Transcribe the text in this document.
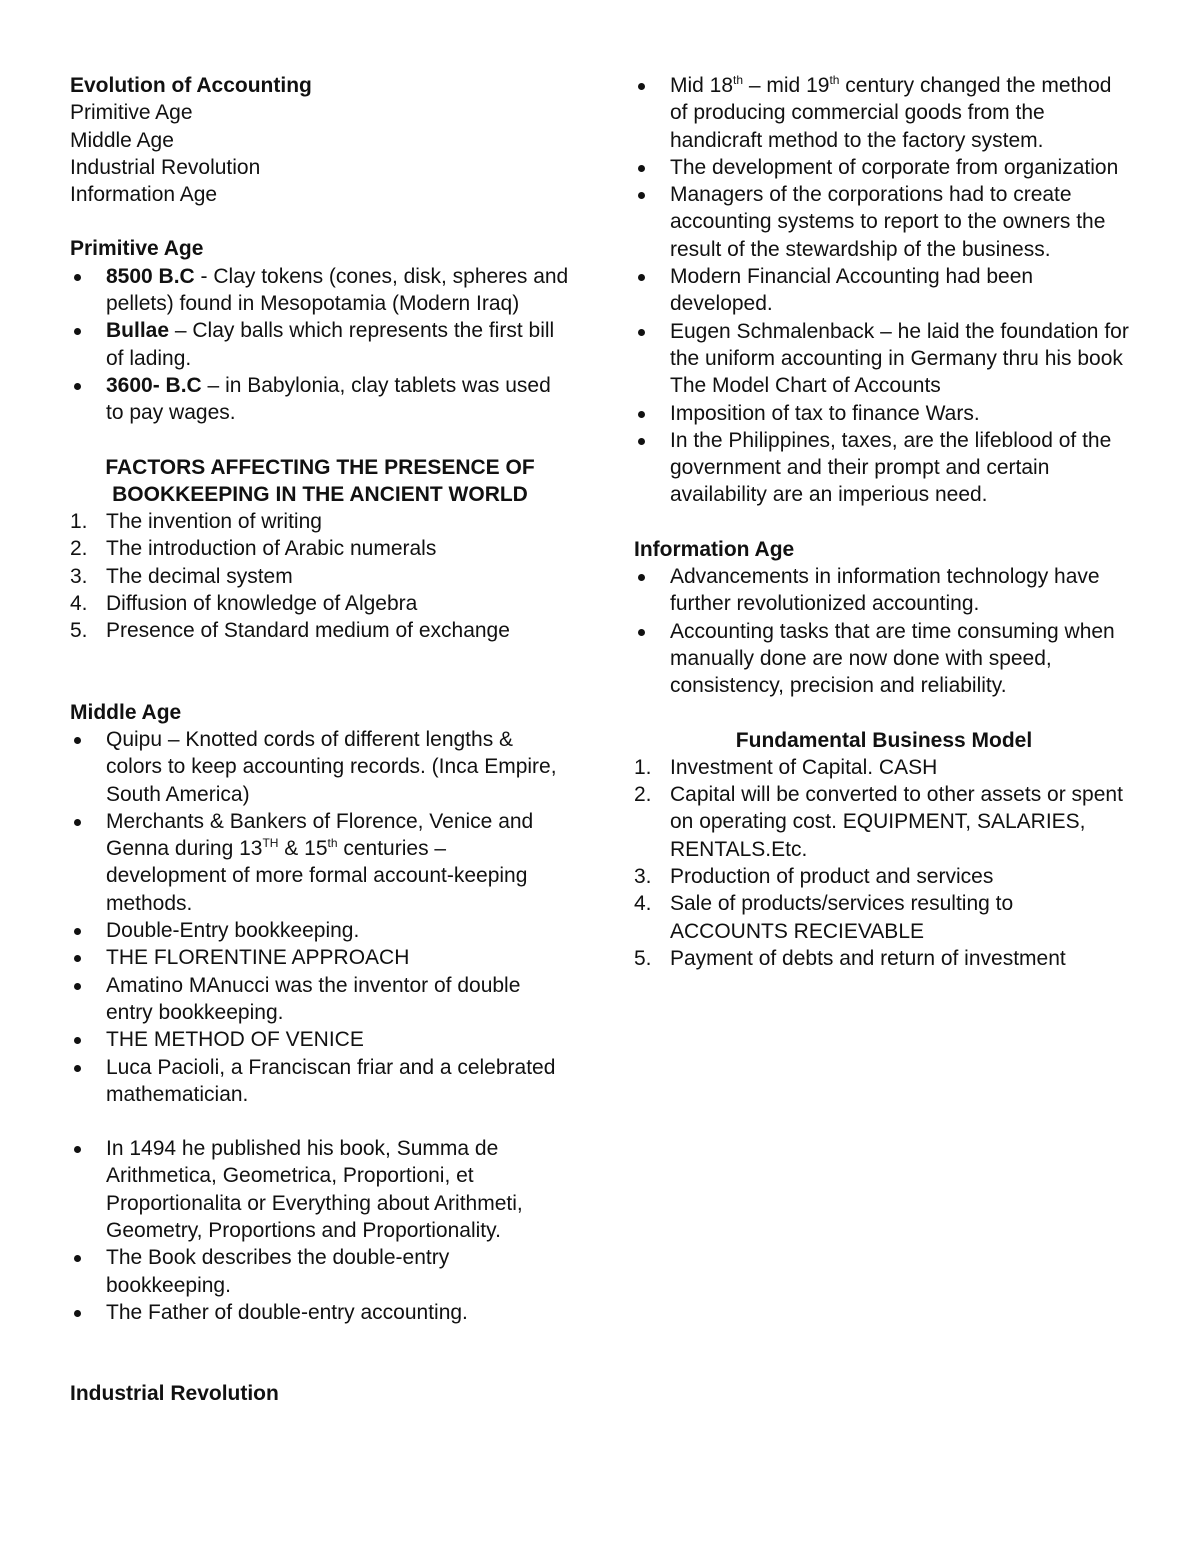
Evolution of Accounting
Primitive Age
Middle Age
Industrial Revolution
Information Age
Primitive Age
8500 B.C - Clay tokens (cones, disk, spheres and pellets) found in Mesopotamia (Modern Iraq)
Bullae – Clay balls which represents the first bill of lading.
3600- B.C – in Babylonia, clay tablets was used to pay wages.
FACTORS AFFECTING THE PRESENCE OF
BOOKKEEPING IN THE ANCIENT WORLD
1. The invention of writing
2. The introduction of Arabic numerals
3. The decimal system
4. Diffusion of knowledge of Algebra
5. Presence of Standard medium of exchange
Middle Age
Quipu – Knotted cords of different lengths & colors to keep accounting records. (Inca Empire, South America)
Merchants & Bankers of Florence, Venice and Genna during 13TH & 15th centuries – development of more formal account-keeping methods.
Double-Entry bookkeeping.
THE FLORENTINE APPROACH
Amatino MAnucci was the inventor of double entry bookkeeping.
THE METHOD OF VENICE
Luca Pacioli, a Franciscan friar and a celebrated mathematician.
In 1494 he published his book, Summa de Arithmetica, Geometrica, Proportioni, et Proportionalita or Everything about Arithmeti, Geometry, Proportions and Proportionality.
The Book describes the double-entry bookkeeping.
The Father of double-entry accounting.
Industrial Revolution
Mid 18th – mid 19th century changed the method of producing commercial goods from the handicraft method to the factory system.
The development of corporate from organization
Managers of the corporations had to create accounting systems to report to the owners the result of the stewardship of the business.
Modern Financial Accounting had been developed.
Eugen Schmalenback – he laid the foundation for the uniform accounting in Germany thru his book The Model Chart of Accounts
Imposition of tax to finance Wars.
In the Philippines, taxes, are the lifeblood of the government and their prompt and certain availability are an imperious need.
Information Age
Advancements in information technology have further revolutionized accounting.
Accounting tasks that are time consuming when manually done are now done with speed, consistency, precision and reliability.
Fundamental Business Model
1. Investment of Capital. CASH
2. Capital will be converted to other assets or spent on operating cost. EQUIPMENT, SALARIES, RENTALS.Etc.
3. Production of product and services
4. Sale of products/services resulting to ACCOUNTS RECIEVABLE
5. Payment of debts and return of investment
